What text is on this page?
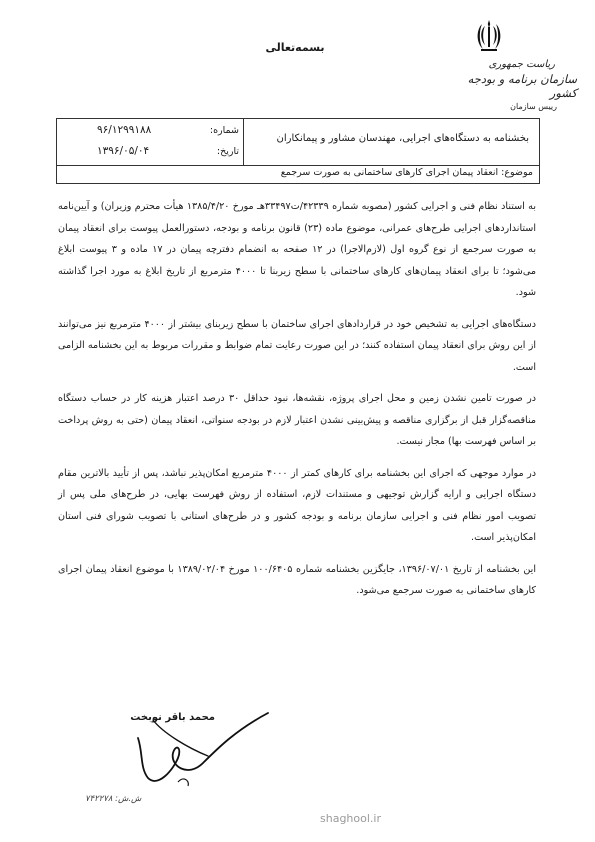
ریاست جمهوری
سازمان برنامه و بودجه کشور
رییس سازمان
بسمه‌تعالی
بخشنامه به دستگاه‌های اجرایی، مهندسان مشاور و پیمانکاران
شماره:
۹۶/۱۲۹۹۱۸۸
تاریخ:
۱۳۹۶/۰۵/۰۴
موضوع: انعقاد پیمان اجرای کارهای ساختمانی به صورت سرجمع

به استناد نظام فنی و اجرایی کشور (مصوبه شماره ۴۲۳۳۹/ت۳۳۴۹۷هـ مورخ ۱۳۸۵/۴/۲۰ هیأت محترم وزیران) و آیین‌نامه استانداردهای اجرایی طرح‌های عمرانی، موضوع ماده (۲۳) قانون برنامه و بودجه، دستورالعمل پیوست برای انعقاد پیمان به صورت سرجمع از نوع گروه اول (لازم‌الاجرا) در ۱۲ صفحه به انضمام دفترچه پیمان در ۱۷ ماده و ۳ پیوست ابلاغ می‌شود؛ تا برای انعقاد پیمان‌های کارهای ساختمانی با سطح زیربنا تا ۴۰۰۰ مترمربع از تاریخ ابلاغ به مورد اجرا گذاشته شود.

دستگاه‌های اجرایی به تشخیص خود در قراردادهای اجرای ساختمان با سطح زیربنای بیشتر از ۴۰۰۰ مترمربع نیز می‌توانند از این روش برای انعقاد پیمان استفاده کنند؛ در این صورت رعایت تمام ضوابط و مقررات مربوط به این بخشنامه الزامی است.

در صورت تامین نشدن زمین و محل اجرای پروژه، نقشه‌ها، نبود حداقل ۳۰ درصد اعتبار هزینه کار در حساب دستگاه مناقصه‌گزار قبل از برگزاری مناقصه و پیش‌بینی نشدن اعتبار لازم در بودجه سنواتی، انعقاد پیمان (حتی به روش پرداخت بر اساس فهرست بها) مجاز نیست.

در موارد موجهی که اجرای این بخشنامه برای کارهای کمتر از ۴۰۰۰ مترمربع امکان‌پذیر نباشد، پس از تأیید بالاترین مقام دستگاه اجرایی و ارایه گزارش توجیهی و مستندات لازم، استفاده از روش فهرست بهایی، در طرح‌های ملی پس از تصویب امور نظام فنی و اجرایی سازمان برنامه و بودجه کشور و در طرح‌های استانی با تصویب شورای فنی استان امکان‌پذیر است.

این بخشنامه از تاریخ ۱۳۹۶/۰۷/۰۱، جایگزین بخشنامه شماره ۱۰۰/۶۴۰۵ مورخ ۱۳۸۹/۰۲/۰۴ با موضوع انعقاد پیمان اجرای کارهای ساختمانی به صورت سرجمع می‌شود.

محمد باقر نوبخت
ش.ش: ۷۴۲۲۷۸
shaghool.ir
